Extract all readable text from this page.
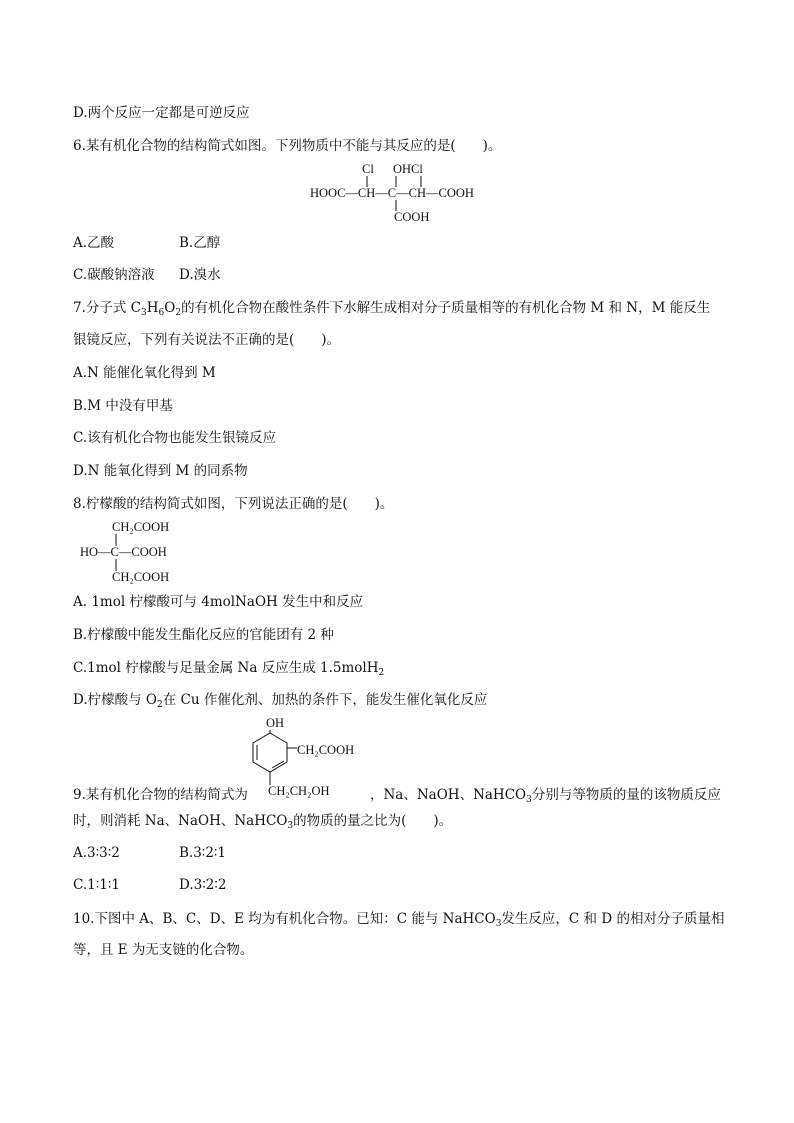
D.两个反应一定都是可逆反应
6.某有机化合物的结构简式如图。下列物质中不能与其反应的是(　　)。
Cl OHCl
HOOC—CH—C—CH—COOH
COOH
A.乙酸	B.乙醇
C.碳酸钠溶液 D.溴水
7.分子式 $C_3H_6O_2$的有机化合物在酸性条件下水解生成相对分子质量相等的有机化合物 M 和 N，M 能反生
银镜反应，下列有关说法不正确的是(　　)。
A.N 能催化氧化得到 M
B.M 中没有甲基
C.该有机化合物也能发生银镜反应
D.N 能氧化得到 M 的同系物
8.柠檬酸的结构简式如图，下列说法正确的是(　　)。
CH₂COOH
HO—C—COOH
CH₂COOH
A. 1mol 柠檬酸可与 4molNaOH 发生中和反应
B.柠檬酸中能发生酯化反应的官能团有 2 种
C.1mol 柠檬酸与足量金属 Na 反应生成 1.5molH$_2$
D.柠檬酸与 $O_2$在 Cu 作催化剂、加热的条件下，能发生催化氧化反应
OH
CH₂COOH
CH₂CH₂OH
9.某有机化合物的结构简式为	，Na、NaOH、NaHCO$_3$分别与等物质的量的该物质反应
时，则消耗 Na、NaOH、NaHCO$_3$的物质的量之比为(　　)。
A.3∶3∶2	B.3∶2∶1
C.1∶1∶1	D.3∶2∶2
10.下图中 A、B、C、D、E 均为有机化合物。已知：C 能与 NaHCO$_3$发生反应，C 和 D 的相对分子质量相
等，且 E 为无支链的化合物。
